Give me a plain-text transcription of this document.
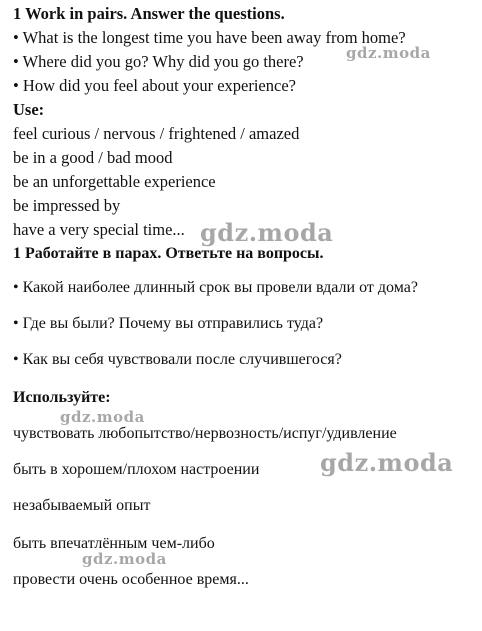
1 Work in pairs. Answer the questions.
• What is the longest time you have been away from home?
• Where did you go? Why did you go there?
• How did you feel about your experience?
Use:
feel curious / nervous / frightened / amazed
be in a good / bad mood
be an unforgettable experience
be impressed by
have a very special time...
1 Работайте в парах. Ответьте на вопросы.
• Какой наиболее длинный срок вы провели вдали от дома?
• Где вы были? Почему вы отправились туда?
• Как вы себя чувствовали после случившегося?
Используйте:
чувствовать любопытство/нервозность/испуг/удивление
быть в хорошем/плохом настроении
незабываемый опыт
быть впечатлённым чем-либо
провести очень особенное время...
gdz.moda
gdz.moda
gdz.moda
gdz.moda
gdz.moda
